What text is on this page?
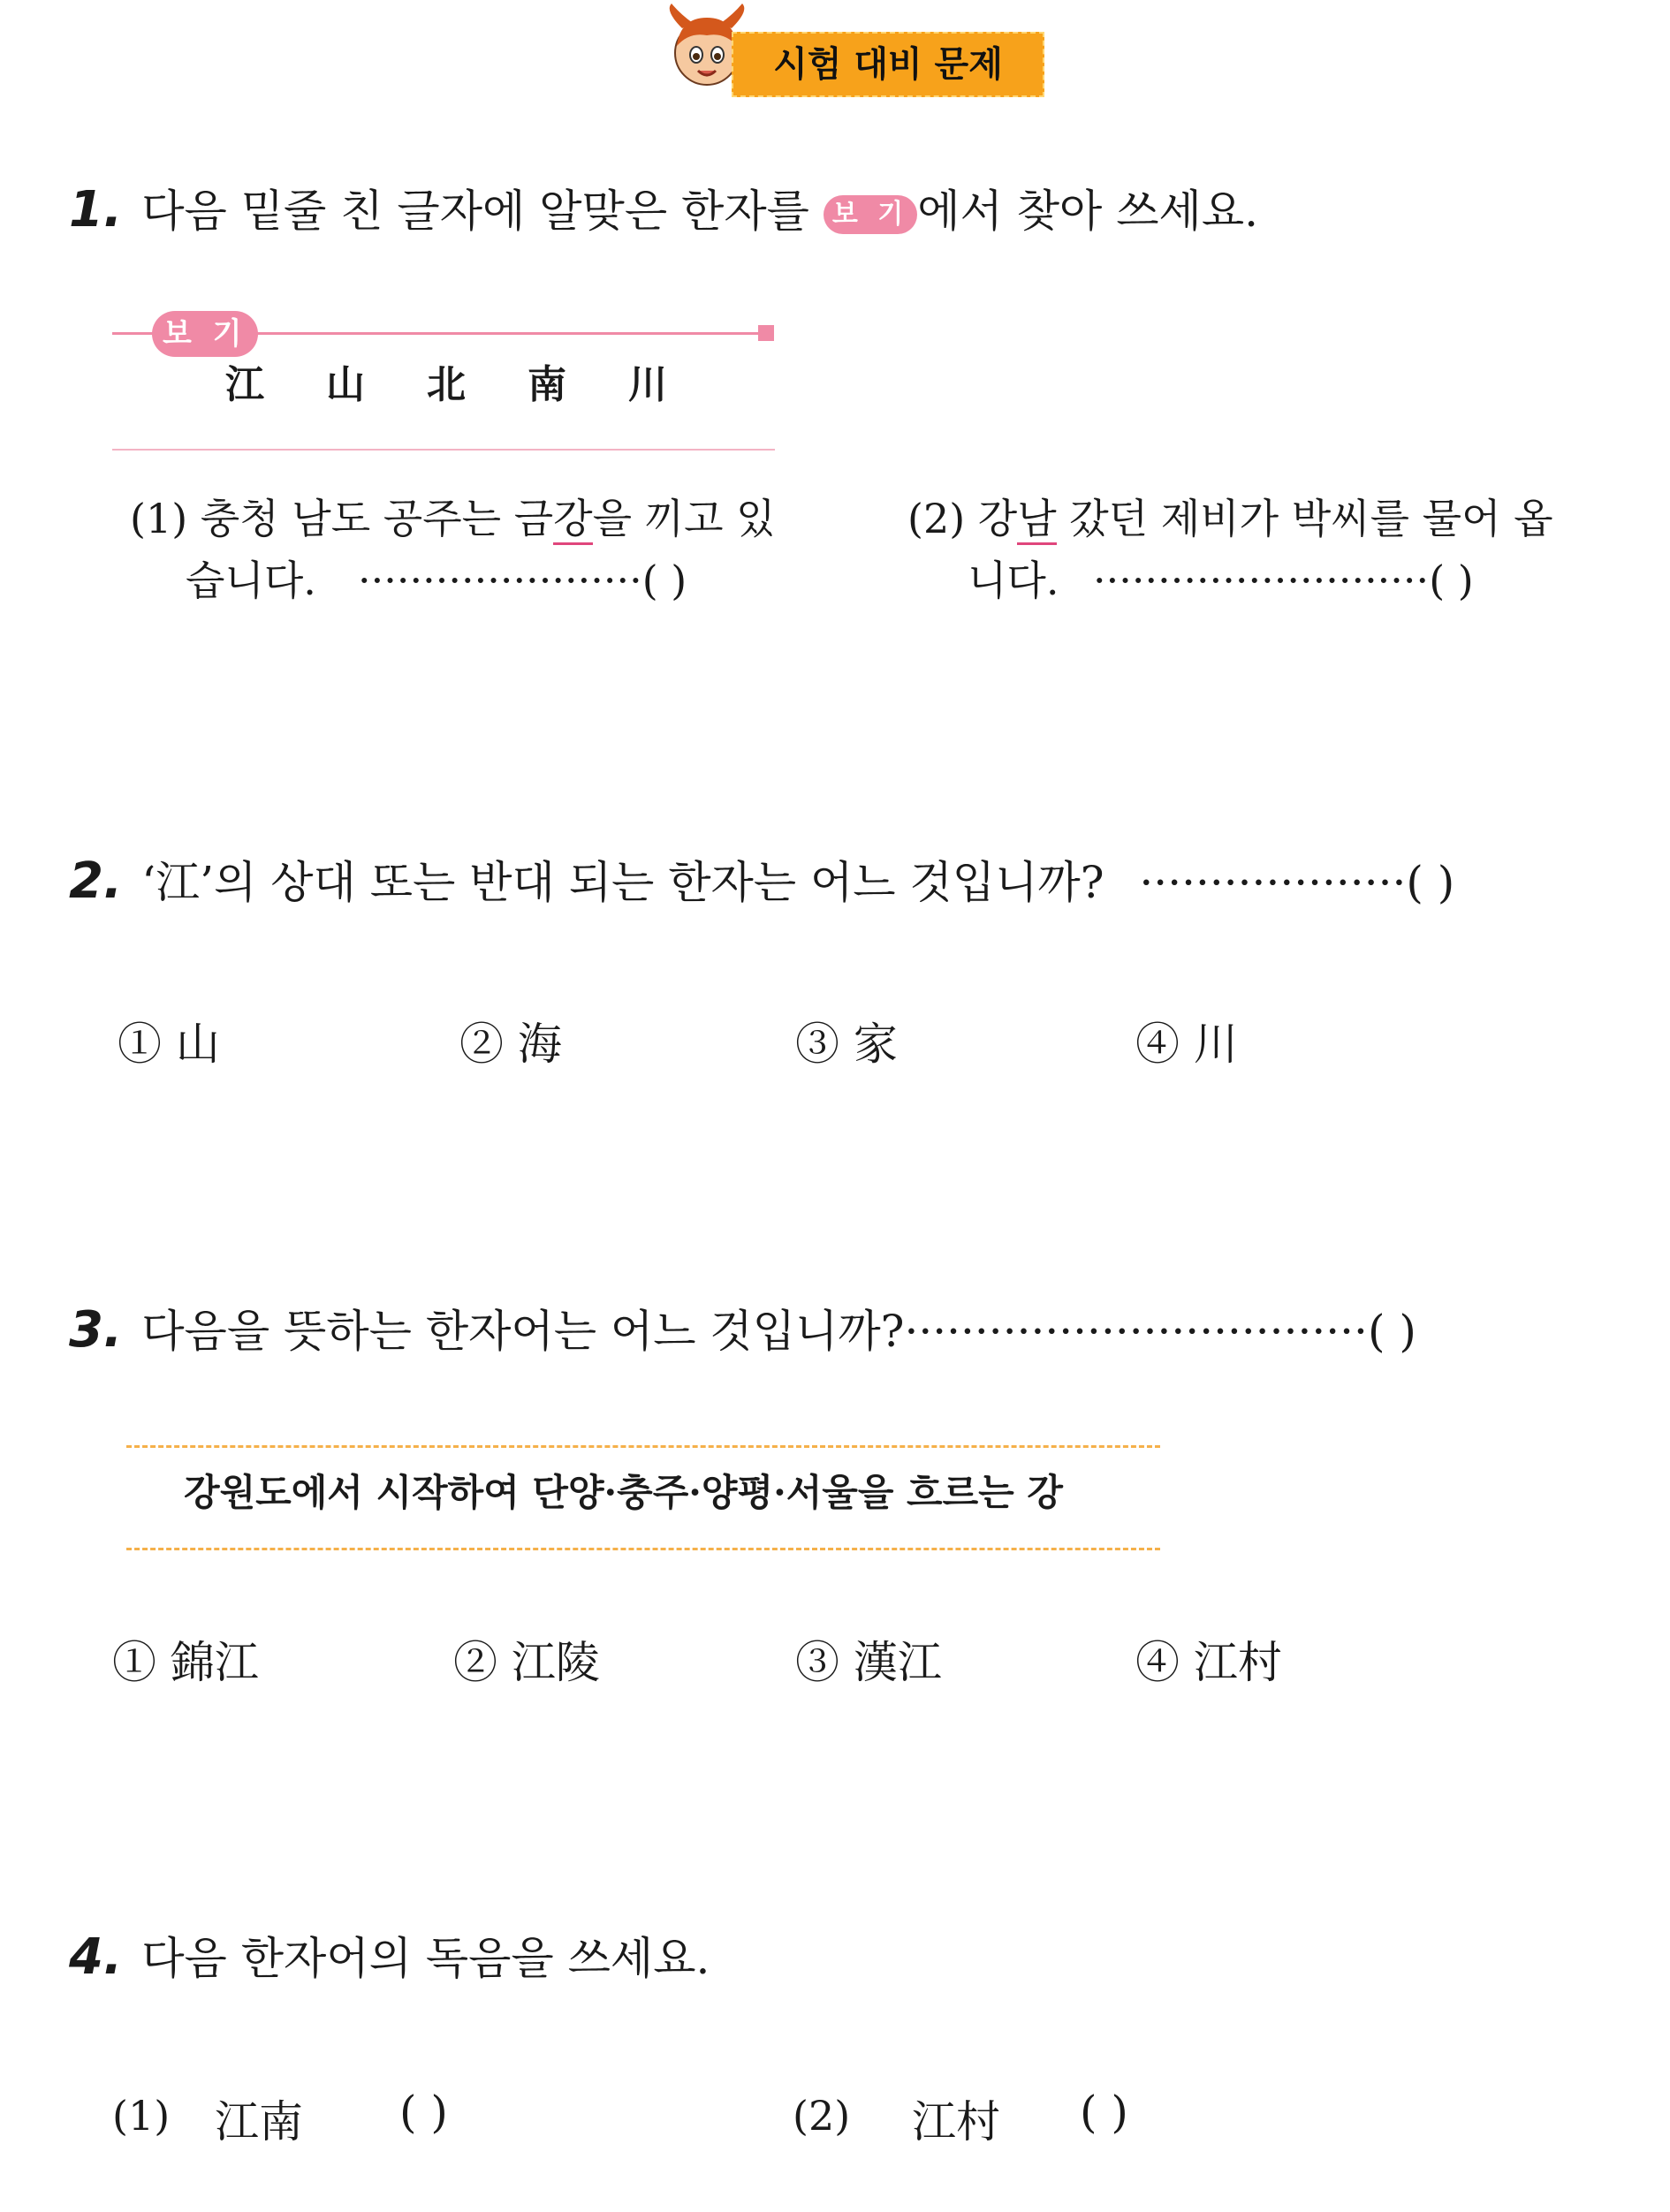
시험 대비 문제
1. 다음 밑줄 친 글자에 알맞은 한자를 보 기 에서 찾아 쓰세요.
보 기
江 山 北 南 川
(1) 충청 남도 공주는 금강을 끼고 있
습니다. ······················( )
(2) 강남 갔던 제비가 박씨를 물어 옵
니다. ··························( )
2. ‘江’의 상대 또는 반대 되는 한자는 어느 것입니까? ···················( )
① 山	② 海	③ 家	④ 川
3. 다음을 뜻하는 한자어는 어느 것입니까?·································( )
강원도에서 시작하여 단양·충주·양평·서울을 흐르는 강
① 錦江	② 江陵	③ 漢江	④ 江村
4. 다음 한자어의 독음을 쓰세요.
(1) 江南 ( )	(2) 江村 ( )
